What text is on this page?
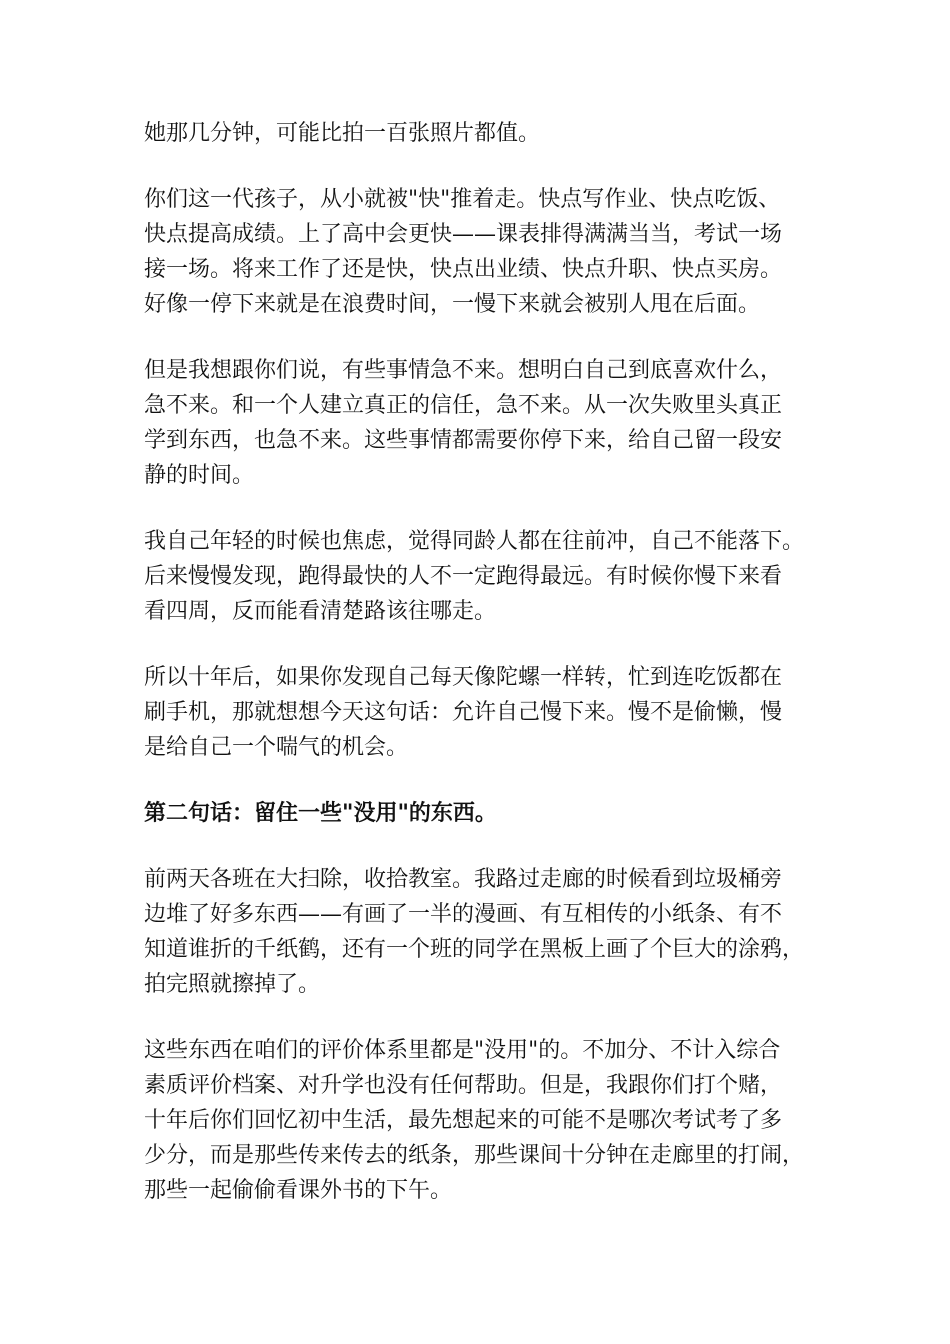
她那几分钟，可能比拍一百张照片都值。
你们这一代孩子，从小就被"快"推着走。快点写作业、快点吃饭、
快点提高成绩。上了高中会更快——课表排得满满当当，考试一场
接一场。将来工作了还是快，快点出业绩、快点升职、快点买房。
好像一停下来就是在浪费时间，一慢下来就会被别人甩在后面。
但是我想跟你们说，有些事情急不来。想明白自己到底喜欢什么，
急不来。和一个人建立真正的信任，急不来。从一次失败里头真正
学到东西，也急不来。这些事情都需要你停下来，给自己留一段安
静的时间。
我自己年轻的时候也焦虑，觉得同龄人都在往前冲，自己不能落下。
后来慢慢发现，跑得最快的人不一定跑得最远。有时候你慢下来看
看四周，反而能看清楚路该往哪走。
所以十年后，如果你发现自己每天像陀螺一样转，忙到连吃饭都在
刷手机，那就想想今天这句话：允许自己慢下来。慢不是偷懒，慢
是给自己一个喘气的机会。
第二句话：留住一些"没用"的东西。
前两天各班在大扫除，收拾教室。我路过走廊的时候看到垃圾桶旁
边堆了好多东西——有画了一半的漫画、有互相传的小纸条、有不
知道谁折的千纸鹤，还有一个班的同学在黑板上画了个巨大的涂鸦，
拍完照就擦掉了。
这些东西在咱们的评价体系里都是"没用"的。不加分、不计入综合
素质评价档案、对升学也没有任何帮助。但是，我跟你们打个赌，
十年后你们回忆初中生活，最先想起来的可能不是哪次考试考了多
少分，而是那些传来传去的纸条，那些课间十分钟在走廊里的打闹，
那些一起偷偷看课外书的下午。
